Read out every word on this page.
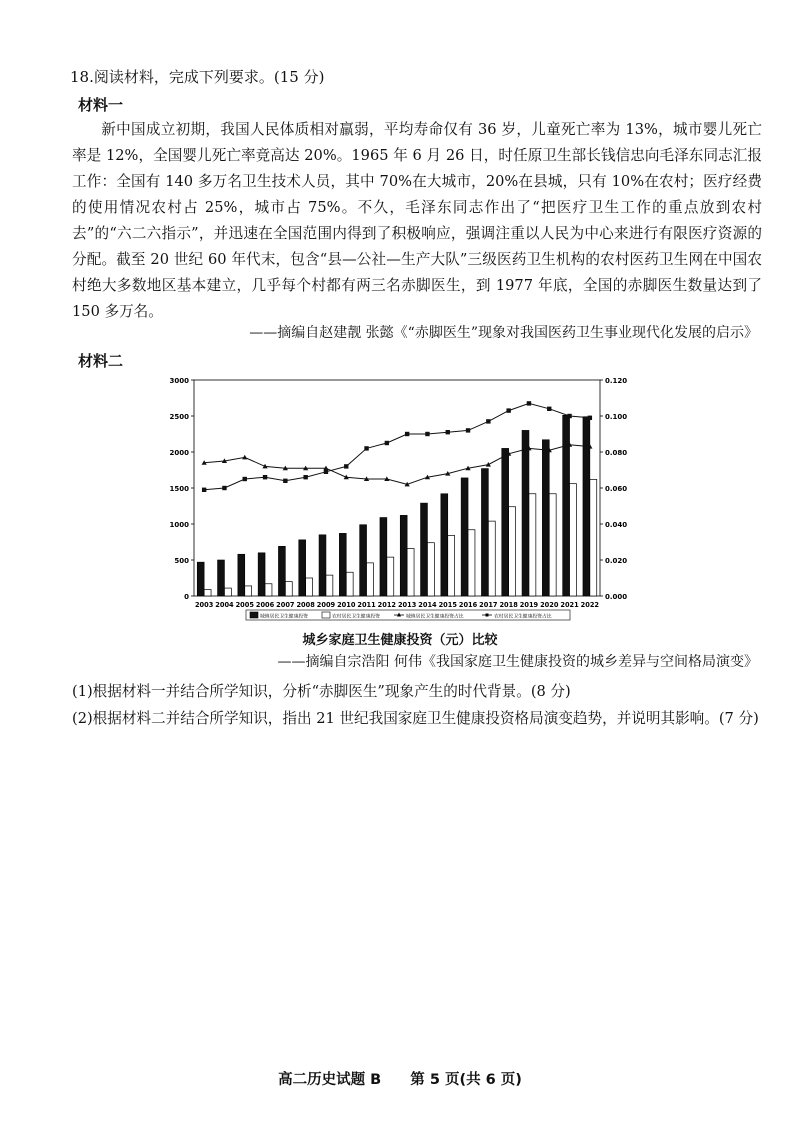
18.阅读材料，完成下列要求。(15 分)
材料一

新中国成立初期，我国人民体质相对羸弱，平均寿命仅有 36 岁，儿童死亡率为 13%，城市婴儿死亡率是 12%，全国婴儿死亡率竟高达 20%。1965 年 6 月 26 日，时任原卫生部长钱信忠向毛泽东同志汇报工作：全国有 140 多万名卫生技术人员，其中 70%在大城市，20%在县城，只有 10%在农村；医疗经费的使用情况农村占 25%，城市占 75%。不久，毛泽东同志作出了“把医疗卫生工作的重点放到农村去”的“六二六指示”，并迅速在全国范围内得到了积极响应，强调注重以人民为中心来进行有限医疗资源的分配。截至 20 世纪 60 年代末，包含“县—公社—生产大队”三级医药卫生机构的农村医药卫生网在中国农村绝大多数地区基本建立，几乎每个村都有两三名赤脚医生，到 1977 年底，全国的赤脚医生数量达到了 150 多万名。

——摘编自赵建靓 张懿《“赤脚医生”现象对我国医药卫生事业现代化发展的启示》
材料二
0
500
1000
1500
2000
2500
3000
0.000
0.020
0.040
0.060
0.080
0.100
0.120
2003 2004 2005 2006 2007 2008 2009 2010 2011 2012 2013 2014 2015 2016 2017 2018 2019 2020 2021 2022
城镇居民卫生健康投资	农村居民卫生健康投资	城镇居民卫生健康投资占比	农村居民卫生健康投资占比
城乡家庭卫生健康投资（元）比较
——摘编自宗浩阳 何伟《我国家庭卫生健康投资的城乡差异与空间格局演变》

(1)根据材料一并结合所学知识，分析“赤脚医生”现象产生的时代背景。(8 分)

(2)根据材料二并结合所学知识，指出 21 世纪我国家庭卫生健康投资格局演变趋势，并说明其影响。(7 分)

高二历史试题 B 第 5 页(共 6 页)
